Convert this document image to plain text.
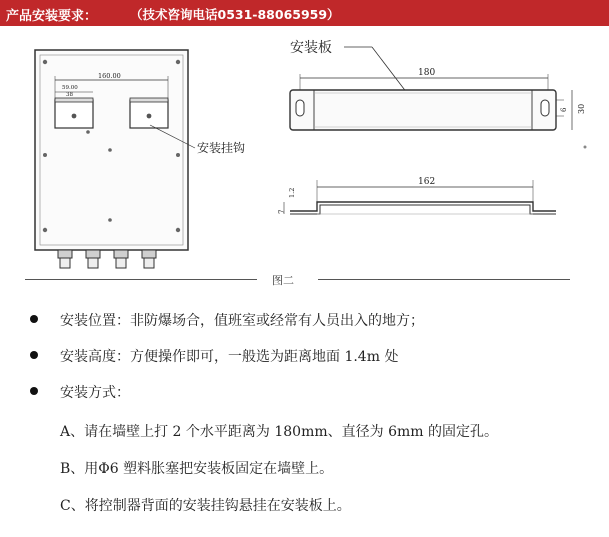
产品安装要求：	（技术咨询电话0531-88065959）
160.00
59.00
38
安装挂钩
安装板
180
30
6
162
7
1.2
图二
安装位置：非防爆场合，值班室或经常有人员出入的地方；
安装高度：方便操作即可，一般选为距离地面 1.4m 处
安装方式：
A、请在墙壁上打 2 个水平距离为 180mm、直径为 6mm 的固定孔。
B、用Φ6 塑料胀塞把安装板固定在墙壁上。
C、将控制器背面的安装挂钩悬挂在安装板上。
